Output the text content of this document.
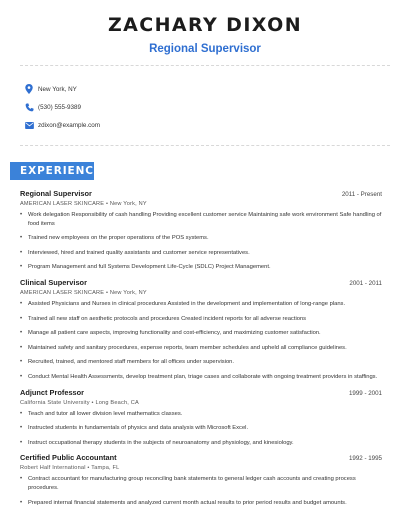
ZACHARY DIXON
Regional Supervisor
New York, NY
(530) 555-9389
zdixon@example.com
EXPERIENCE
Regional Supervisor	2011 - Present
AMERICAN LASER SKINCARE • New York, NY
•	Work delegation Responsibility of cash handling Providing excellent customer service Maintaining safe work environment Safe handling of food items
•	Trained new employees on the proper operations of the POS systems.
•	Interviewed, hired and trained quality assistants and customer service representatives.
•	Program Management and full Systems Development Life-Cycle (SDLC) Project Management.
Clinical Supervisor	2001 - 2011
AMERICAN LASER SKINCARE • New York, NY
•	Assisted Physicians and Nurses in clinical procedures Assisted in the development and implementation of long-range plans.
•	Trained all new staff on aesthetic protocols and procedures Created incident reports for all adverse reactions
•	Manage all patient care aspects, improving functionality and cost-efficiency, and maximizing customer satisfaction.
•	Maintained safety and sanitary procedures, expense reports, team member schedules and upheld all compliance guidelines.
•	Recruited, trained, and mentored staff members for all offices under supervision.
•	Conduct Mental Health Assessments, develop treatment plan, triage cases and collaborate with ongoing treatment providers in staffings.
Adjunct Professor	1999 - 2001
California State University • Long Beach, CA
•	Teach and tutor all lower division level mathematics classes.
•	Instructed students in fundamentals of physics and data analysis with Microsoft Excel.
•	Instruct occupational therapy students in the subjects of neuroanatomy and physiology, and kinesiology.
Certified Public Accountant	1992 - 1995
Robert Half International • Tampa, FL
•	Contract accountant for manufacturing group reconciling bank statements to general ledger cash accounts and creating process procedures.
•	Prepared internal financial statements and analyzed current month actual results to prior period results and budget amounts.
